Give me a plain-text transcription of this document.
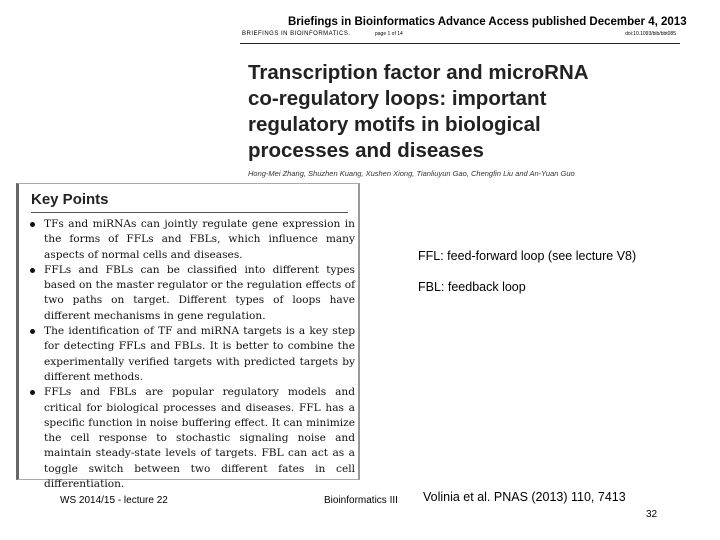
Briefings in Bioinformatics Advance Access published December 4, 2013
BRIEFINGS IN BIOINFORMATICS.	page 1 of 14	doi:10.1093/bib/bbt085
Transcription factor and microRNA
co-regulatory loops: important
regulatory motifs in biological
processes and diseases
Hong-Mei Zhang, Shuzhen Kuang, Xushen Xiong, Tianliuyun Gao, Chengfin Liu and An-Yuan Guo
Key Points
TFs and miRNAs can jointly regulate gene expression in the forms of FFLs and FBLs, which influence many aspects of normal cells and diseases.
FFLs and FBLs can be classified into different types based on the master regulator or the regulation effects of two paths on target. Different types of loops have different mechanisms in gene regulation.
The identification of TF and miRNA targets is a key step for detecting FFLs and FBLs. It is better to combine the experimentally verified targets with predicted targets by different methods.
FFLs and FBLs are popular regulatory models and critical for biological processes and diseases. FFL has a specific function in noise buffering effect. It can minimize the cell response to stochastic signaling noise and maintain steady-state levels of targets. FBL can act as a toggle switch between two different fates in cell differentiation.
FFL: feed-forward loop (see lecture V8)
FBL: feedback loop
WS 2014/15 - lecture 22	Bioinformatics III Volinia et al. PNAS (2013) 110, 7413
32
